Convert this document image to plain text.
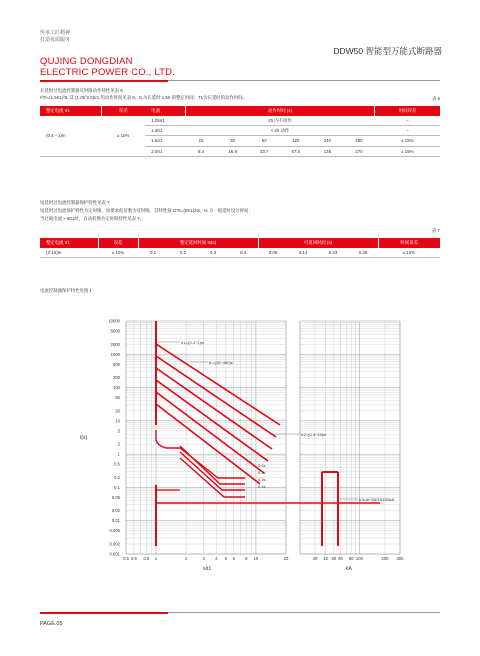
传承工匠精神
打造优质服务
QUJING DONGDIAN
ELECTRIC POWER CO., LTD.
DDW50 智能型万能式断路器
长延时过电流控制器反时限动作特性见表 6
I²Tt=(1.5Ir1)²tL 其 (1.05˜2.0)Ir1 的动作时间见表 6，tL为长延时 1.5Ir 的整定时间；TL为长延时的动作时间。	表 6
整定电流 Ir1	误差	电流	动作时间 (s)						时间误差
(0.4～1)In	± 10%	1.05Ir1	2h 内不动作						–
		1.3Ir1	< 2h 动作						–
		1.5Ir1	15	30	60	120	240	480	± 15%
		2.0Ir1	8.4	16.9	33.7	67.5	135	270	± 15%
短延时过电流控制器保护特性见表 7
短延时过电流保护特性为定时限，如要求低倍数为反时限，其特性按 I2Ts=(8Ir1)2ts，ts 为一般延时设计时间；
当过载电流 > 8Ir1时，自动转换为定时限特性见表 7。
表 7
整定电流 Ir1	误差	整定延时时间 ts(s)				可返回时间 (s)				时间误差
(3˜15)In	± 10%	0.1	0.2	0.3	0.4	0.06	0.14	0.23	0.35	± 15%
电流控制器保护特性见图 1
10000
5000
2000
1000
500
200
100
50
20
10
5
2
1
0.5
0.2
0.1
0.05
0.02
0.01
0.005
0.002
0.001
0.5 0.6 0.8 1	2	3 4 5 6 8 10	20	30 40 50 60 80 100	200 300
Ir1=(0.4~1)In
tL=(15~480)s
Ir2=(0.4~15)In
Ir3=In~50/75/100kA
0.4s
0.3s
0.2s
0.1s
t(s)
xIr1	kA
PAGE.05
